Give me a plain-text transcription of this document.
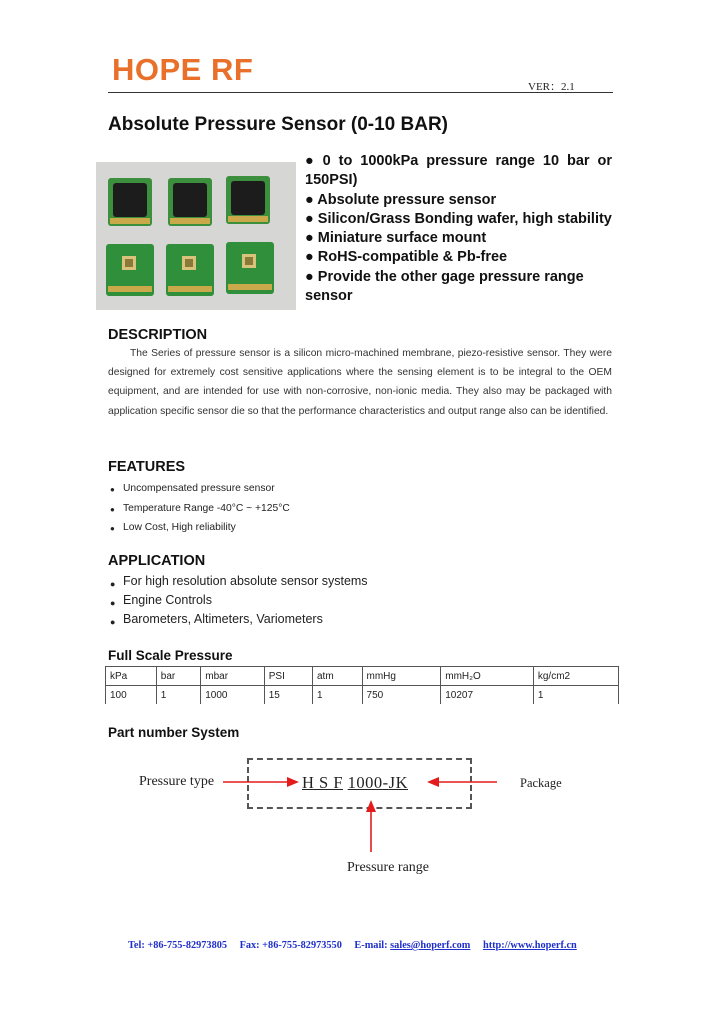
HOPE RF	VER：2.1
Absolute Pressure Sensor (0-10 BAR)

● 0 to 1000kPa pressure range 10 bar or 150PSI)

● Absolute pressure sensor

● Silicon/Grass Bonding wafer, high stability

● Miniature surface mount

● RoHS-compatible & Pb-free

● Provide the other gage pressure range sensor

DESCRIPTION

The Series of pressure sensor is a silicon micro-machined membrane, piezo-resistive sensor. They were designed for extremely cost sensitive applications where the sensing element is to be integral to the OEM equipment, and are intended for use with non-corrosive, non-ionic media. They also may be packaged with application specific sensor die so that the performance characteristics and output range also can be identified.

FEATURES
● Uncompensated pressure sensor
● Temperature Range -40°C ~ +125°C
● Low Cost, High reliability
APPLICATION
● For high resolution absolute sensor systems
● Engine Controls
● Barometers, Altimeters, Variometers
Full Scale Pressure
kPa	bar	mbar	PSI	atm	mmHg	mmH₂O	kg/cm2
100	1	1000	15	1	750	10207	1
Part number System
H S F 1000-JK
Pressure type	Package
Pressure range
Tel: +86-755-82973805 Fax: +86-755-82973550 E-mail: sales@hoperf.com http://www.hoperf.cn
